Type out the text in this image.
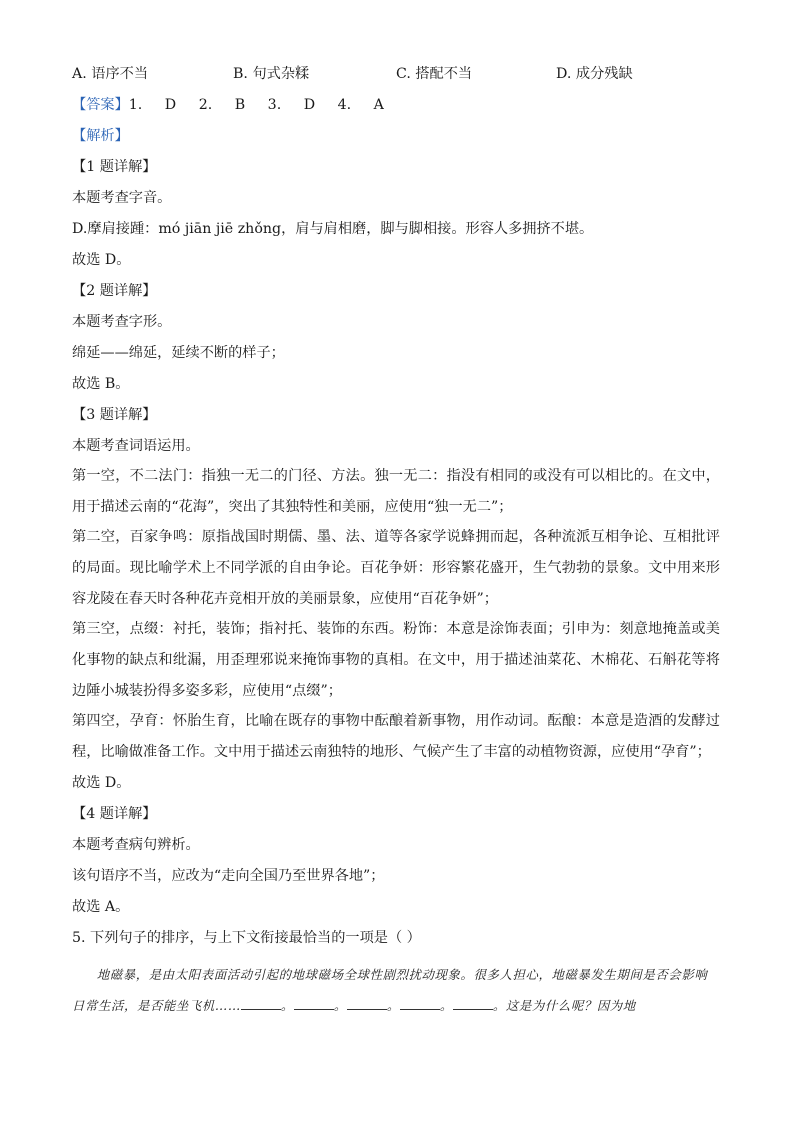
A. 语序不当	B. 句式杂糅	C. 搭配不当	D. 成分残缺
【答案】1. D 2. B 3. D 4. A
【解析】
【1 题详解】
本题考查字音。
D.摩肩接踵：mó jiān jiē zhǒng，肩与肩相磨，脚与脚相接。形容人多拥挤不堪。
故选 D。
【2 题详解】
本题考查字形。
绵延——绵延，延续不断的样子；
故选 B。
【3 题详解】
本题考查词语运用。
第一空，不二法门：指独一无二的门径、方法。独一无二：指没有相同的或没有可以相比的。在文中，用于描述云南的“花海”，突出了其独特性和美丽，应使用“独一无二”；
第二空，百家争鸣：原指战国时期儒、墨、法、道等各家学说蜂拥而起，各种流派互相争论、互相批评的局面。现比喻学术上不同学派的自由争论。百花争妍：形容繁花盛开，生气勃勃的景象。文中用来形容龙陵在春天时各种花卉竞相开放的美丽景象，应使用“百花争妍”；
第三空，点缀：衬托，装饰；指衬托、装饰的东西。粉饰：本意是涂饰表面；引申为：刻意地掩盖或美化事物的缺点和纰漏，用歪理邪说来掩饰事物的真相。在文中，用于描述油菜花、木棉花、石斛花等将边陲小城装扮得多姿多彩，应使用“点缀”；
第四空，孕育：怀胎生育，比喻在既存的事物中酝酿着新事物，用作动词。酝酿：本意是造酒的发酵过程，比喻做准备工作。文中用于描述云南独特的地形、气候产生了丰富的动植物资源，应使用“孕育”；
故选 D。
【4 题详解】
本题考查病句辨析。
该句语序不当，应改为“走向全国乃至世界各地”；
故选 A。
5. 下列句子的排序，与上下文衔接最恰当的一项是（ ）
地磁暴，是由太阳表面活动引起的地球磁场全球性剧烈扰动现象。很多人担心，地磁暴发生期间是否会影响日常生活，是否能坐飞机……	。	。	。	。	。这是为什么呢？因为地
